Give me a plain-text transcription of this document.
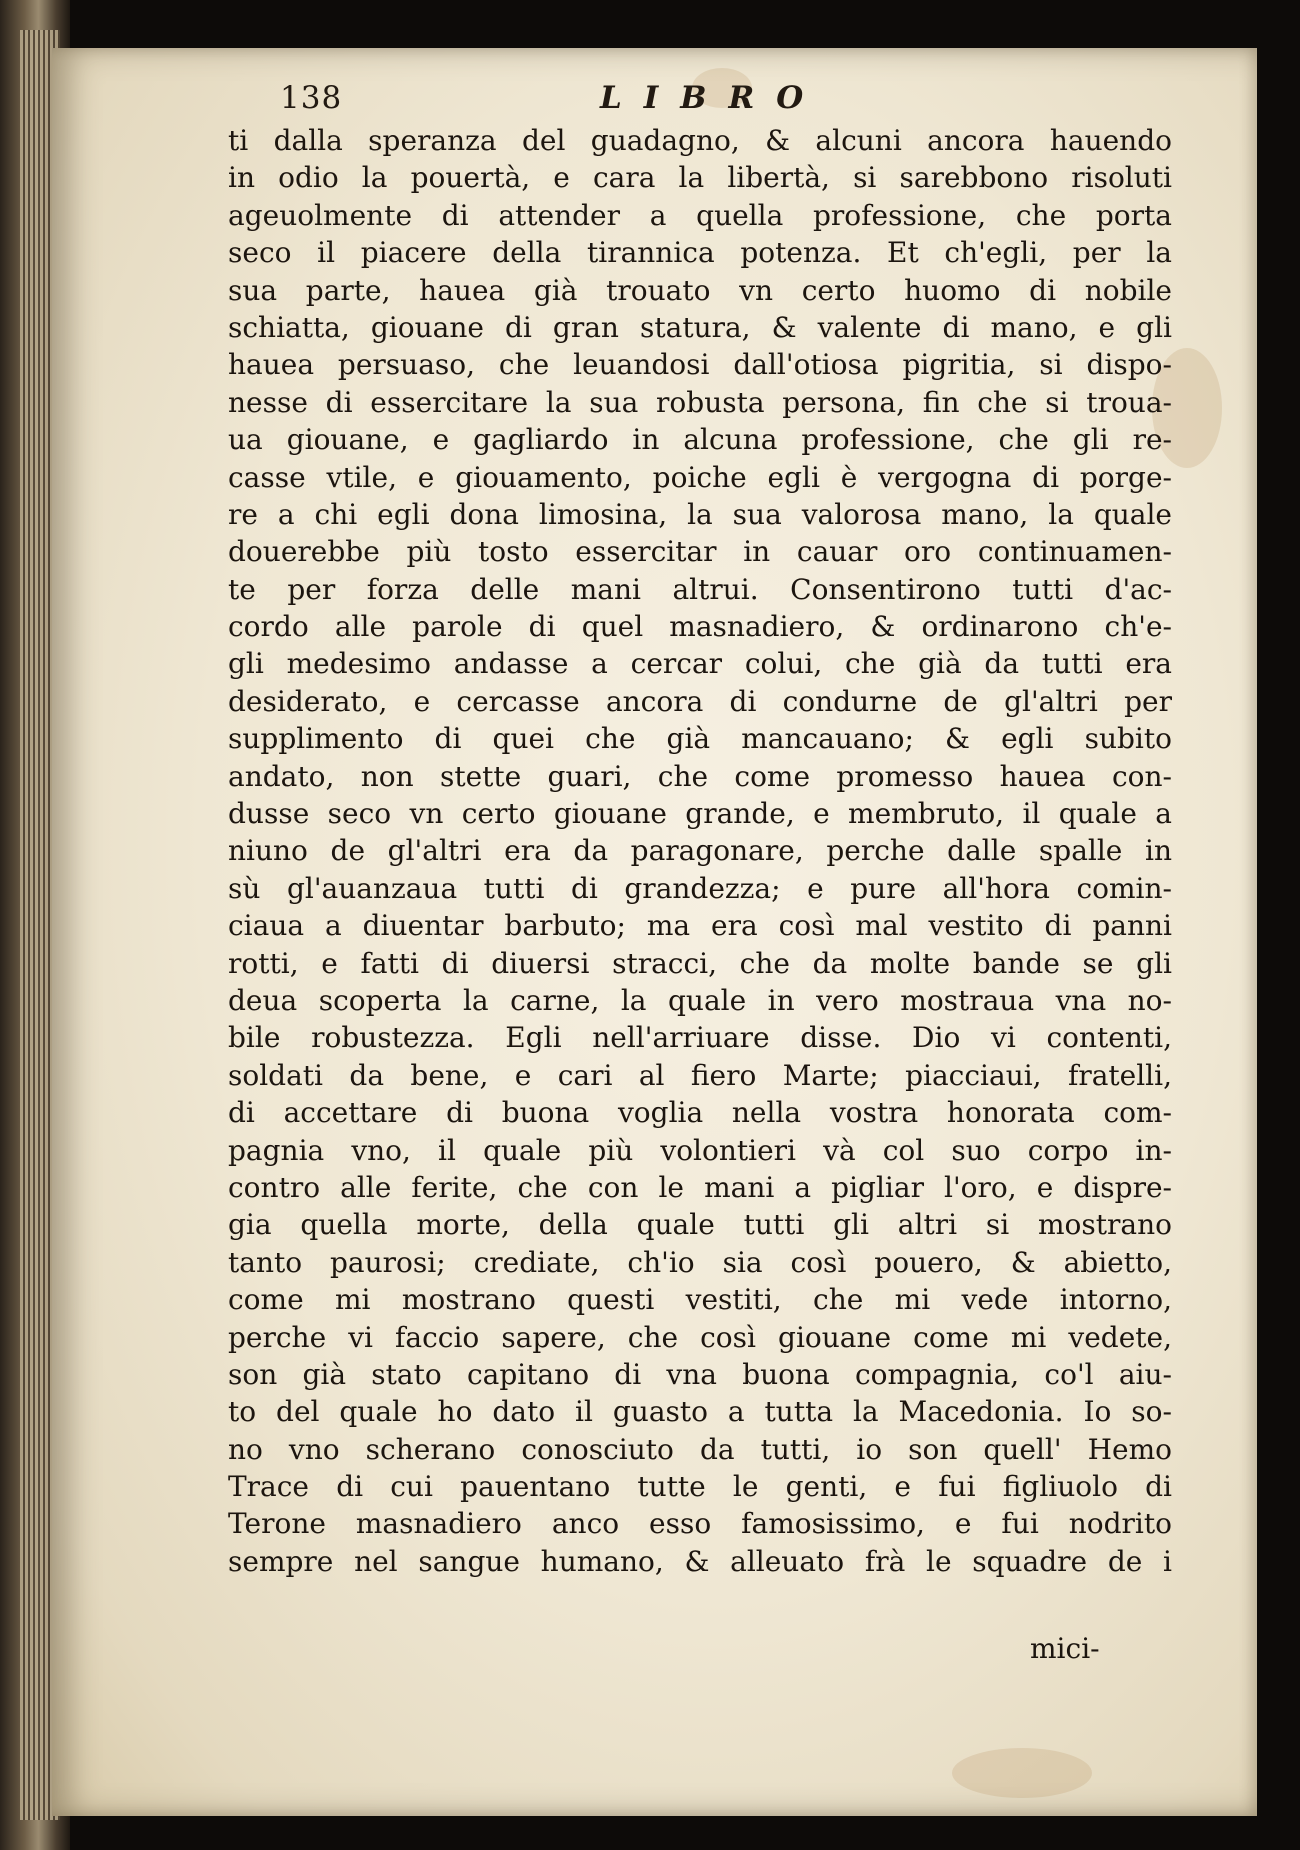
138	LIBRO
ti dalla speranza del guadagno, & alcuni ancora hauendo
in odio la pouertà, e cara la libertà, si sarebbono risoluti
ageuolmente di attender a quella professione, che porta
seco il piacere della tirannica potenza. Et ch'egli, per la
sua parte, hauea già trouato vn certo huomo di nobile
schiatta, giouane di gran statura, & valente di mano, e gli
hauea persuaso, che leuandosi dall'otiosa pigritia, si dispo-
nesse di essercitare la sua robusta persona, fin che si troua-
ua giouane, e gagliardo in alcuna professione, che gli re-
casse vtile, e giouamento, poiche egli è vergogna di porge-
re a chi egli dona limosina, la sua valorosa mano, la quale
douerebbe più tosto essercitar in cauar oro continuamen-
te per forza delle mani altrui. Consentirono tutti d'ac-
cordo alle parole di quel masnadiero, & ordinarono ch'e-
gli medesimo andasse a cercar colui, che già da tutti era
desiderato, e cercasse ancora di condurne de gl'altri per
supplimento di quei che già mancauano; & egli subito
andato, non stette guari, che come promesso hauea con-
dusse seco vn certo giouane grande, e membruto, il quale a
niuno de gl'altri era da paragonare, perche dalle spalle in
sù gl'auanzaua tutti di grandezza; e pure all'hora comin-
ciaua a diuentar barbuto; ma era così mal vestito di panni
rotti, e fatti di diuersi stracci, che da molte bande se gli
deua scoperta la carne, la quale in vero mostraua vna no-
bile robustezza. Egli nell'arriuare disse. Dio vi contenti,
soldati da bene, e cari al fiero Marte; piacciaui, fratelli,
di accettare di buona voglia nella vostra honorata com-
pagnia vno, il quale più volontieri và col suo corpo in-
contro alle ferite, che con le mani a pigliar l'oro, e dispre-
gia quella morte, della quale tutti gli altri si mostrano
tanto paurosi; crediate, ch'io sia così pouero, & abietto,
come mi mostrano questi vestiti, che mi vede intorno,
perche vi faccio sapere, che così giouane come mi vedete,
son già stato capitano di vna buona compagnia, co'l aiu-
to del quale ho dato il guasto a tutta la Macedonia. Io so-
no vno scherano conosciuto da tutti, io son quell' Hemo
Trace di cui pauentano tutte le genti, e fui figliuolo di
Terone masnadiero anco esso famosissimo, e fui nodrito
sempre nel sangue humano, & alleuato frà le squadre de i
mici-
